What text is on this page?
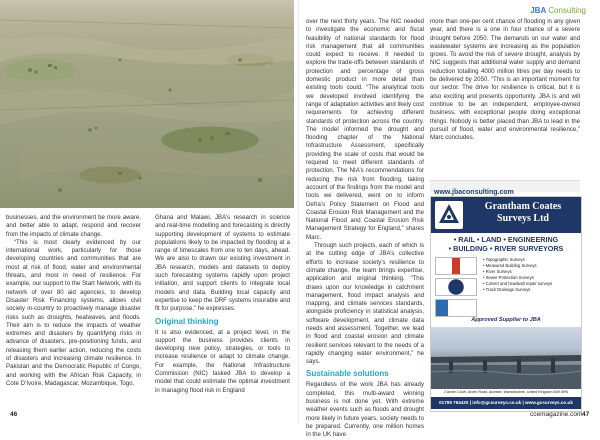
businesses, and the environment be more aware, and better able to adapt, respond and recover from the impacts of climate change.

“This is most clearly evidenced by our international work, particularly for those developing countries and communities that are most at risk of flood, water and environmental threats, and most in need of resilience. For example, our support to the Start Network, with its network of over 80 aid agencies, to develop Disaster Risk Financing systems, allows civil society in-country to proactively manage disaster risks such as droughts, heatwaves, and floods. Their aim is to reduce the impacts of weather extremes and disasters by quantifying risks in advance of disasters, pre-positioning funds, and releasing them earlier action, reducing the costs of disasters and increasing climate resilience. In Pakistan and the Democratic Republic of Congo, and working with the African Risk Capacity, in Cote D’Ivoire, Madagascar, Mozambique, Togo,

Ghana and Malawi, JBA’s research in science and real-time modelling and forecasting is directly supporting development of systems to estimate populations likely to be impacted by flooding at a range of timescales from one to ten days, ahead. We are also to drawn our existing investment in JBA research, models and datasets to deploy such forecasting systems rapidly upon project initiation, and support clients to integrate local models and data. Building local capacity and expertise to keep the DRF systems insurable and fit for purpose,” he expresses.

Original thinking

It is also evidenced, at a project level, in the support the business provides clients in developing new policy, strategies, or tools to increase resilience or adapt to climate change. For example, the National Infrastructure Commission (NIC) tasked JBA to develop a model that could estimate the optimal investment in managing flood risk in England

46
JBA Consulting

over the next thirty years. The NIC needed to investigate the economic and fiscal feasibility of national standards for flood risk management that all communities could expect to receive. It needed to explore the trade-offs between standards of protection and percentage of gross domestic product in more detail than existing tools could. “The analytical tools we developed involved identifying the range of adaptation activities and likely cost requirements for achieving different standards of protection across the country. The model informed the drought and flooding chapter of the National Infrastructure Assessment, specifically providing the scale of costs that would be required to meet different standards of protection. The NIA’s recommendations for reducing the risk from flooding, taking account of the findings from the model and tools we delivered, went on to inform Defra’s Policy Statement on Flood and Coastal Erosion Risk Management and the National Flood and Coastal Erosion Risk Management Strategy for England,” shares Marc.

Through such projects, each of which is at the cutting edge of JBA’s collective efforts to increase society’s resilience to climate change, the team brings expertise, application and original thinking. “This draws upon our knowledge in catchment management, flood impact analysis and mapping, and climate services standards, alongside proficiency in statistical analysis, software development, and climate data needs and assessment. Together, we lead in flood and coastal erosion and climate resilient services relevant to the needs of a rapidly changing water environment,” he says.

Sustainable solutions

Regardless of the work JBA has already completed, this multi-award winning business is not done yet. With extreme weather events such as floods and drought more likely in future years, society needs to be prepared. Currently, one million homes in the UK have

more than one-per cent chance of flooding in any given year, and there is a one in four chance of a severe drought before 2050. The demands on our water and wastewater systems are increasing as the population grows. To avoid the risk of severe drought, analysis by NIC suggests that additional water supply and demand reduction totalling 4000 million litres per day needs to be delivered by 2050. “This is an important moment for our sector. The drive for resilience is critical, but it is also exciting and presents opportunity. JBA is and will continue to be an independent, employee-owned business, with exceptional people doing exceptional things. Nobody is better placed than JBA to lead in the pursuit of flood, water and environmental resilience,” Marc concludes.

www.jbaconsulting.com
Grantham Coates Surveys Ltd
• RAIL • LAND • ENGINEERING
• BUILDING • RIVER SURVEYORS
• Topographic Surveys
• Measured Building Surveys
• River Surveys
• Sewer Protection Surveys
• Culvert and headwall repair surveys
• Track Drainage Surveys
Approved Supplier to JBA
2 Arden Court, Arden Road, Alcester, Warwickshire, United Kingdom B49 6HN
01789 764420 | info@gcsurveys.co.uk | www.gcsurveys.co.uk
ccemagazine.com 47
